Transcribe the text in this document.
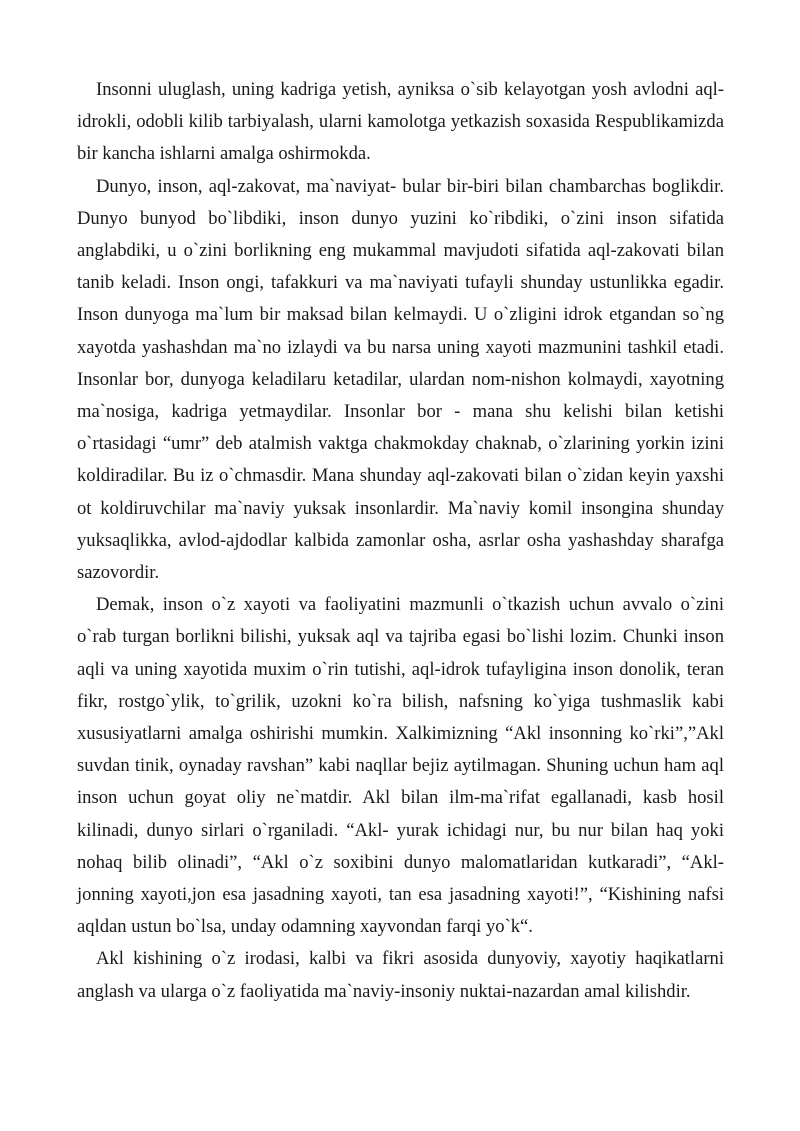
Insonni uluglash, uning kadriga yetish, ayniksa o`sib kelayotgan yosh avlodni aql-idrokli, odobli kilib tarbiyalash, ularni kamolotga yetkazish soxasida Respublikamizda bir kancha ishlarni amalga oshirmokda.

Dunyo, inson, aql-zakovat, ma`naviyat- bular bir-biri bilan chambarchas boglikdir. Dunyo bunyod bo`libdiki, inson dunyo yuzini ko`ribdiki, o`zini inson sifatida anglabdiki, u o`zini borlikning eng mukammal mavjudoti sifatida aql-zakovati bilan tanib keladi. Inson ongi, tafakkuri va ma`naviyati tufayli shunday ustunlikka egadir. Inson dunyoga ma`lum bir maksad bilan kelmaydi. U o`zligini idrok etgandan so`ng xayotda yashashdan ma`no izlaydi va bu narsa uning xayoti mazmunini tashkil etadi. Insonlar bor, dunyoga keladilaru ketadilar, ulardan nom-nishon kolmaydi, xayotning ma`nosiga, kadriga yetmaydilar. Insonlar bor - mana shu kelishi bilan ketishi o`rtasidagi “umr” deb atalmish vaktga chakmokday chaknab, o`zlarining yorkin izini koldiradilar. Bu iz o`chmasdir. Mana shunday aql-zakovati bilan o`zidan keyin yaxshi ot koldiruvchilar ma`naviy yuksak insonlardir. Ma`naviy komil insongina shunday yuksaqlikka, avlod-ajdodlar kalbida zamonlar osha, asrlar osha yashashday sharafga sazovordir.

Demak, inson o`z xayoti va faoliyatini mazmunli o`tkazish uchun avvalo o`zini o`rab turgan borlikni bilishi, yuksak aql va tajriba egasi bo`lishi lozim. Chunki inson aqli va uning xayotida muxim o`rin tutishi, aql-idrok tufayligina inson donolik, teran fikr, rostgo`ylik, to`grilik, uzokni ko`ra bilish, nafsning ko`yiga tushmaslik kabi xususiyatlarni amalga oshirishi mumkin. Xalkimizning “Akl insonning ko`rki”,”Akl suvdan tinik, oynaday ravshan” kabi naqllar bejiz aytilmagan. Shuning uchun ham aql inson uchun goyat oliy ne`matdir. Akl bilan ilm-ma`rifat egallanadi, kasb hosil kilinadi, dunyo sirlari o`rganiladi. “Akl- yurak ichidagi nur, bu nur bilan haq yoki nohaq bilib olinadi”, “Akl o`z soxibini dunyo malomatlaridan kutkaradi”, “Akl-jonning xayoti,jon esa jasadning xayoti, tan esa jasadning xayoti!”, “Kishining nafsi aqldan ustun bo`lsa, unday odamning xayvondan farqi yo`k“.

Akl kishining o`z irodasi, kalbi va fikri asosida dunyoviy, xayotiy haqikatlarni anglash va ularga o`z faoliyatida ma`naviy-insoniy nuktai-nazardan amal kilishdir.
